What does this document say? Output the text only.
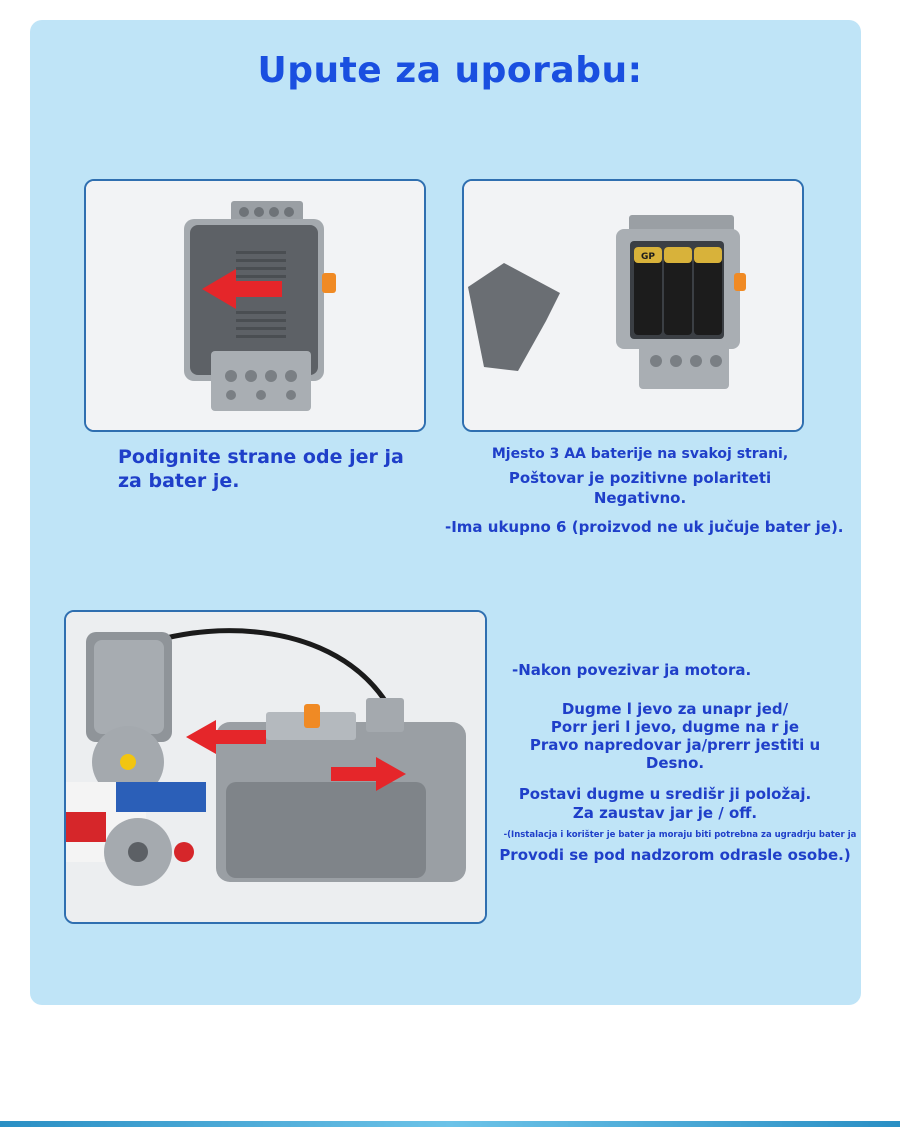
Upute za uporabu:
GP
Podignite strane ode jer ja
za bater je.
Mjesto 3 AA baterije na svakoj strani,
Poštovar je pozitivne polariteti
Negativno.
-Ima ukupno 6 (proizvod ne uk jučuje bater je).
-Nakon povezivar ja motora.
Dugme l jevo za unapr jed/
Porr jeri l jevo, dugme na r je
Pravo napredovar ja/prerr jestiti u
Desno.
Postavi dugme u središr ji položaj.
Za zaustav jar je / off.
-(Instalacja i korišter je bater ja moraju biti potrebna za ugradrju bater ja
Provodi se pod nadzorom odrasle osobe.)
